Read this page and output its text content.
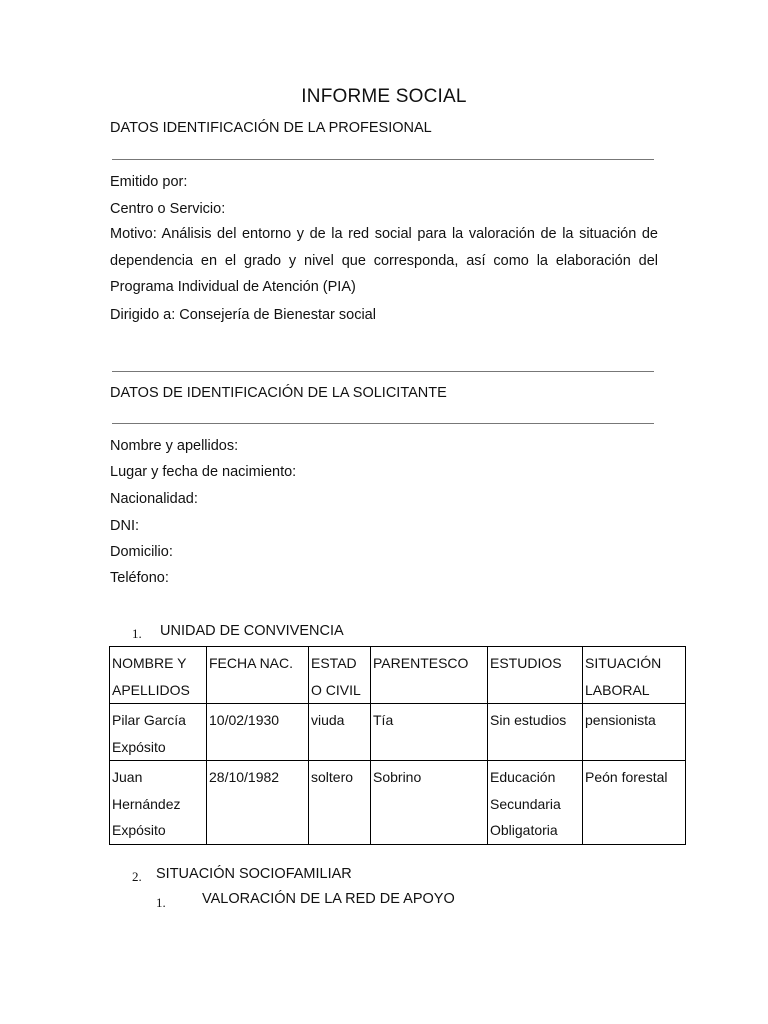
INFORME SOCIAL
DATOS IDENTIFICACIÓN DE LA PROFESIONAL
Emitido por:
Centro o Servicio:

Motivo: Análisis del entorno y de la red social para la valoración de la situación de dependencia en el grado y nivel que corresponda, así como la elaboración del Programa Individual de Atención (PIA)

Dirigido a: Consejería de Bienestar social
DATOS DE IDENTIFICACIÓN DE LA SOLICITANTE
Nombre y apellidos:
Lugar y fecha de nacimiento:
Nacionalidad:
DNI:
Domicilio:
Teléfono:
1. UNIDAD DE CONVIVENCIA
NOMBRE Y APELLIDOS	FECHA NAC.	ESTAD O CIVIL	PARENTESCO	ESTUDIOS	SITUACIÓN LABORAL
Pilar García Expósito	10/02/1930	viuda	Tía	Sin estudios	pensionista
Juan Hernández Expósito	28/10/1982	soltero	Sobrino	Educación Secundaria Obligatoria	Peón forestal
2. SITUACIÓN SOCIOFAMILIAR
1.	VALORACIÓN DE LA RED DE APOYO
